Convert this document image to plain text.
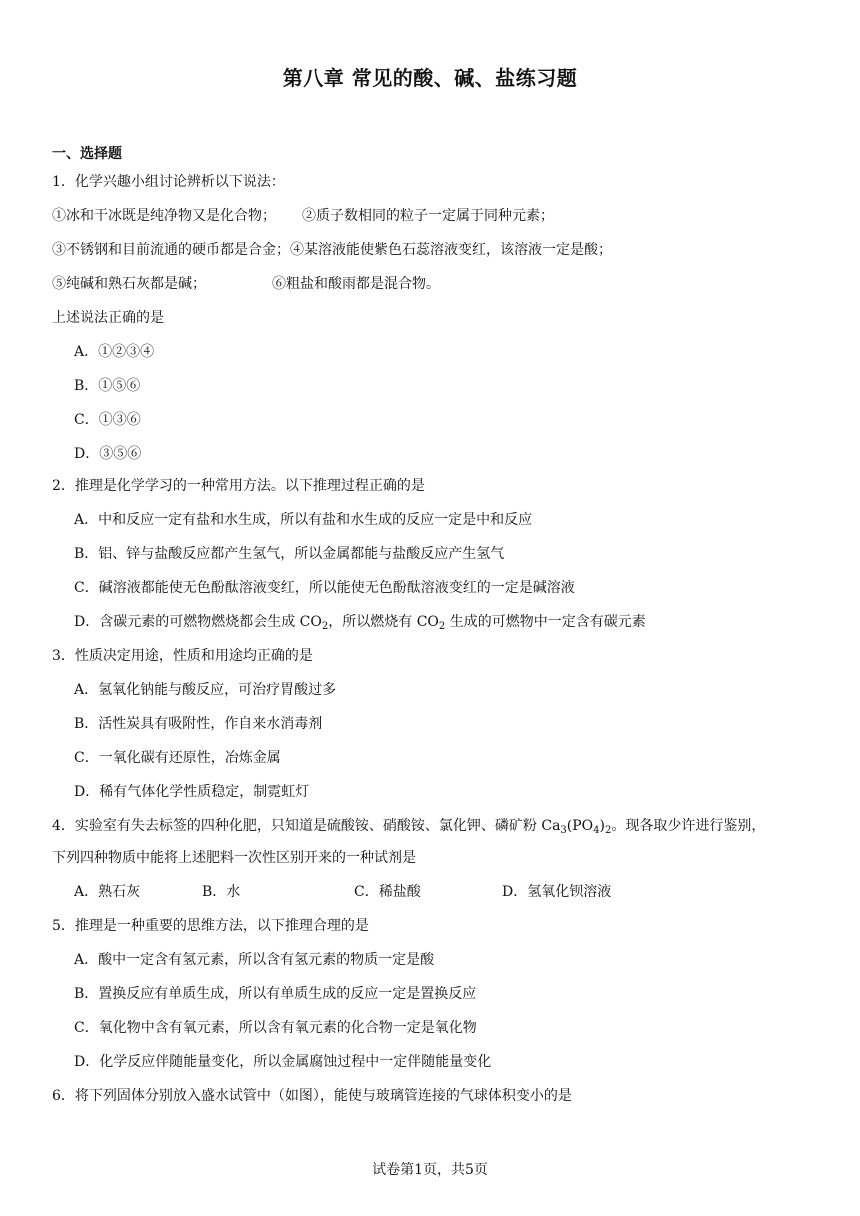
第八章 常见的酸、碱、盐练习题
一、选择题
1．化学兴趣小组讨论辨析以下说法：
①冰和干冰既是纯净物又是化合物； ②质子数相同的粒子一定属于同种元素；
③不锈钢和目前流通的硬币都是合金；④某溶液能使紫色石蕊溶液变红，该溶液一定是酸；
⑤纯碱和熟石灰都是碱；	⑥粗盐和酸雨都是混合物。
上述说法正确的是
A．①②③④
B．①⑤⑥
C．①③⑥
D．③⑤⑥
2．推理是化学学习的一种常用方法。以下推理过程正确的是
A．中和反应一定有盐和水生成，所以有盐和水生成的反应一定是中和反应
B．铝、锌与盐酸反应都产生氢气，所以金属都能与盐酸反应产生氢气
C．碱溶液都能使无色酚酞溶液变红，所以能使无色酚酞溶液变红的一定是碱溶液
D．含碳元素的可燃物燃烧都会生成 $CO_2$，所以燃烧有 $CO_2$ 生成的可燃物中一定含有碳元素
3．性质决定用途，性质和用途均正确的是
A．氢氧化钠能与酸反应，可治疗胃酸过多
B．活性炭具有吸附性，作自来水消毒剂
C．一氧化碳有还原性，冶炼金属
D．稀有气体化学性质稳定，制霓虹灯
4．实验室有失去标签的四种化肥，只知道是硫酸铵、硝酸铵、氯化钾、磷矿粉 $Ca_3(PO_4)_2$。现各取少许进行鉴别，
下列四种物质中能将上述肥料一次性区别开来的一种试剂是
A．熟石灰	B．水	C．稀盐酸	D．氢氧化钡溶液
5．推理是一种重要的思维方法，以下推理合理的是
A．酸中一定含有氢元素，所以含有氢元素的物质一定是酸
B．置换反应有单质生成，所以有单质生成的反应一定是置换反应
C．氧化物中含有氧元素，所以含有氧元素的化合物一定是氧化物
D．化学反应伴随能量变化，所以金属腐蚀过程中一定伴随能量变化
6．将下列固体分别放入盛水试管中（如图），能使与玻璃管连接的气球体积变小的是
试卷第1页，共5页
